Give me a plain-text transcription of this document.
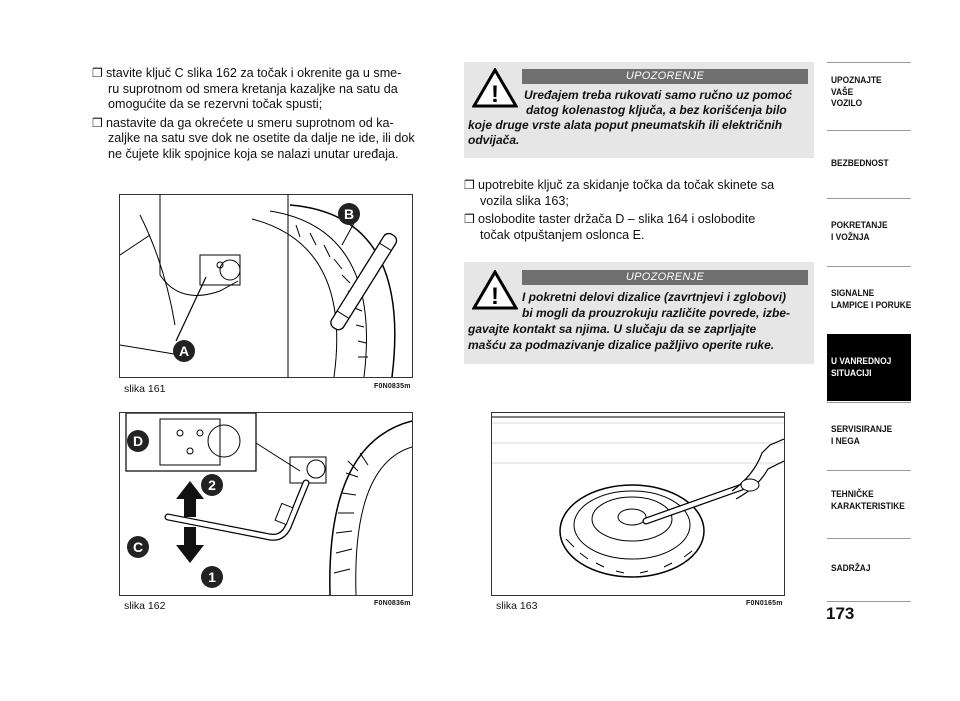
❒ stavite ključ C slika 162 za točak i okrenite ga u sme-
ru suprotnom od smera kretanja kazaljke na satu da
omogućite da se rezervni točak spusti;
❒ nastavite da ga okrećete u smeru suprotnom od ka-
zaljke na satu sve dok ne osetite da dalje ne ide, ili dok
ne čujete klik spojnice koja se nalazi unutar uređaja.
!
UPOZORENJE
Uređajem treba rukovati samo ručno uz pomoć
datog kolenastog ključa, a bez korišćenja bilo
koje druge vrste alata poput pneumatskih ili električnih
odvijača.
❒ upotrebite ključ za skidanje točka da točak skinete sa
vozila slika 163;
❒ oslobodite taster držača D – slika 164 i oslobodite
točak otpuštanjem oslonca E.
!
UPOZORENJE
I pokretni delovi dizalice (zavrtnjevi i zglobovi)
bi mogli da prouzrokuju različite povrede, izbe-
gavajte kontakt sa njima. U slučaju da se zaprljajte
mašću za podmazivanje dizalice pažljivo operite ruke.
B
A
slika 161	F0N0835m
D
2
C
1
slika 162	F0N0836m	slika 163	F0N0165m
UPOZNAJTE
VAŠE
VOZILO
BEZBEDNOST
POKRETANJE
I VOŽNJA
SIGNALNE
LAMPICE I PORUKE
U VANREDNOJ
SITUACIJI
SERVISIRANJE
I NEGA
TEHNIČKE
KARAKTERISTIKE
SADRŽAJ
173
